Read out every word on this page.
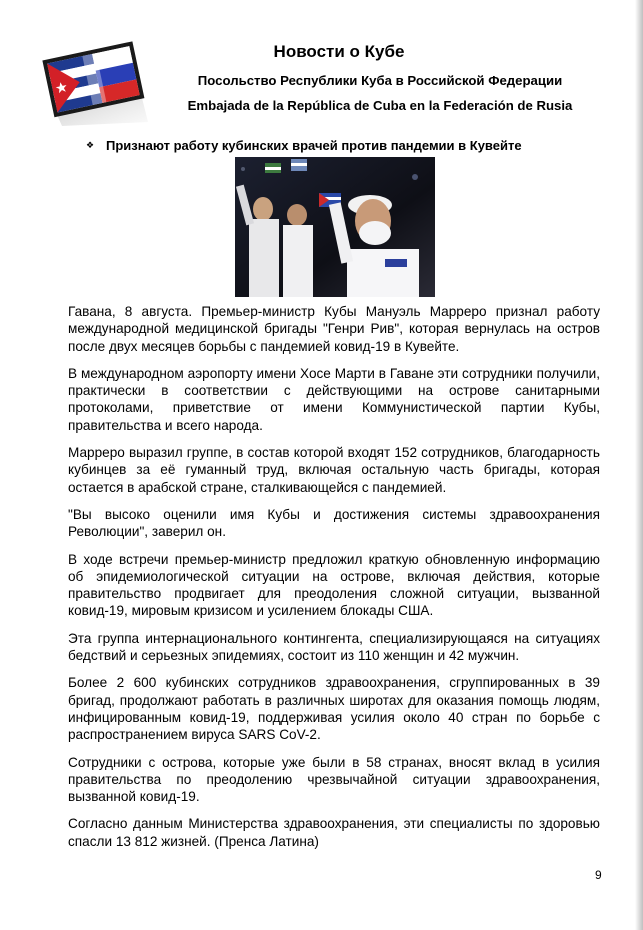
Новости о Кубе
Посольство Республики Куба в Российской Федерации
Embajada de la República de Cuba en la Federación de Rusia
❖ Признают работу кубинских врачей против пандемии в Кувейте

Гавана, 8 августа. Премьер-министр Кубы Мануэль Марреро признал работу международной медицинской бригады "Генри Рив", которая вернулась на остров после двух месяцев борьбы с пандемией ковид-19 в Кувейте.

В международном аэропорту имени Хосе Марти в Гаване эти сотрудники получили, практически в соответствии с действующими на острове санитарными протоколами, приветствие от имени Коммунистической партии Кубы, правительства и всего народа.

Марреро выразил группе, в состав которой входят 152 сотрудников, благодарность кубинцев за её гуманный труд, включая остальную часть бригады, которая остается в арабской стране, сталкивающейся с пандемией.

"Вы высоко оценили имя Кубы и достижения системы здравоохранения Революции", заверил он.

В ходе встречи премьер-министр предложил краткую обновленную информацию об эпидемиологической ситуации на острове, включая действия, которые правительство продвигает для преодоления сложной ситуации, вызванной ковид-19, мировым кризисом и усилением блокады США.

Эта группа интернационального контингента, специализирующаяся на ситуациях бедствий и серьезных эпидемиях, состоит из 110 женщин и 42 мужчин.

Более 2 600 кубинских сотрудников здравоохранения, сгруппированных в 39 бригад, продолжают работать в различных широтах для оказания помощь людям, инфицированным ковид-19, поддерживая усилия около 40 стран по борьбе с распространением вируса SARS CoV-2.

Сотрудники с острова, которые уже были в 58 странах, вносят вклад в усилия правительства по преодолению чрезвычайной ситуации здравоохранения, вызванной ковид-19.

Согласно данным Министерства здравоохранения, эти специалисты по здоровью спасли 13 812 жизней. (Пренса Латина)

9
